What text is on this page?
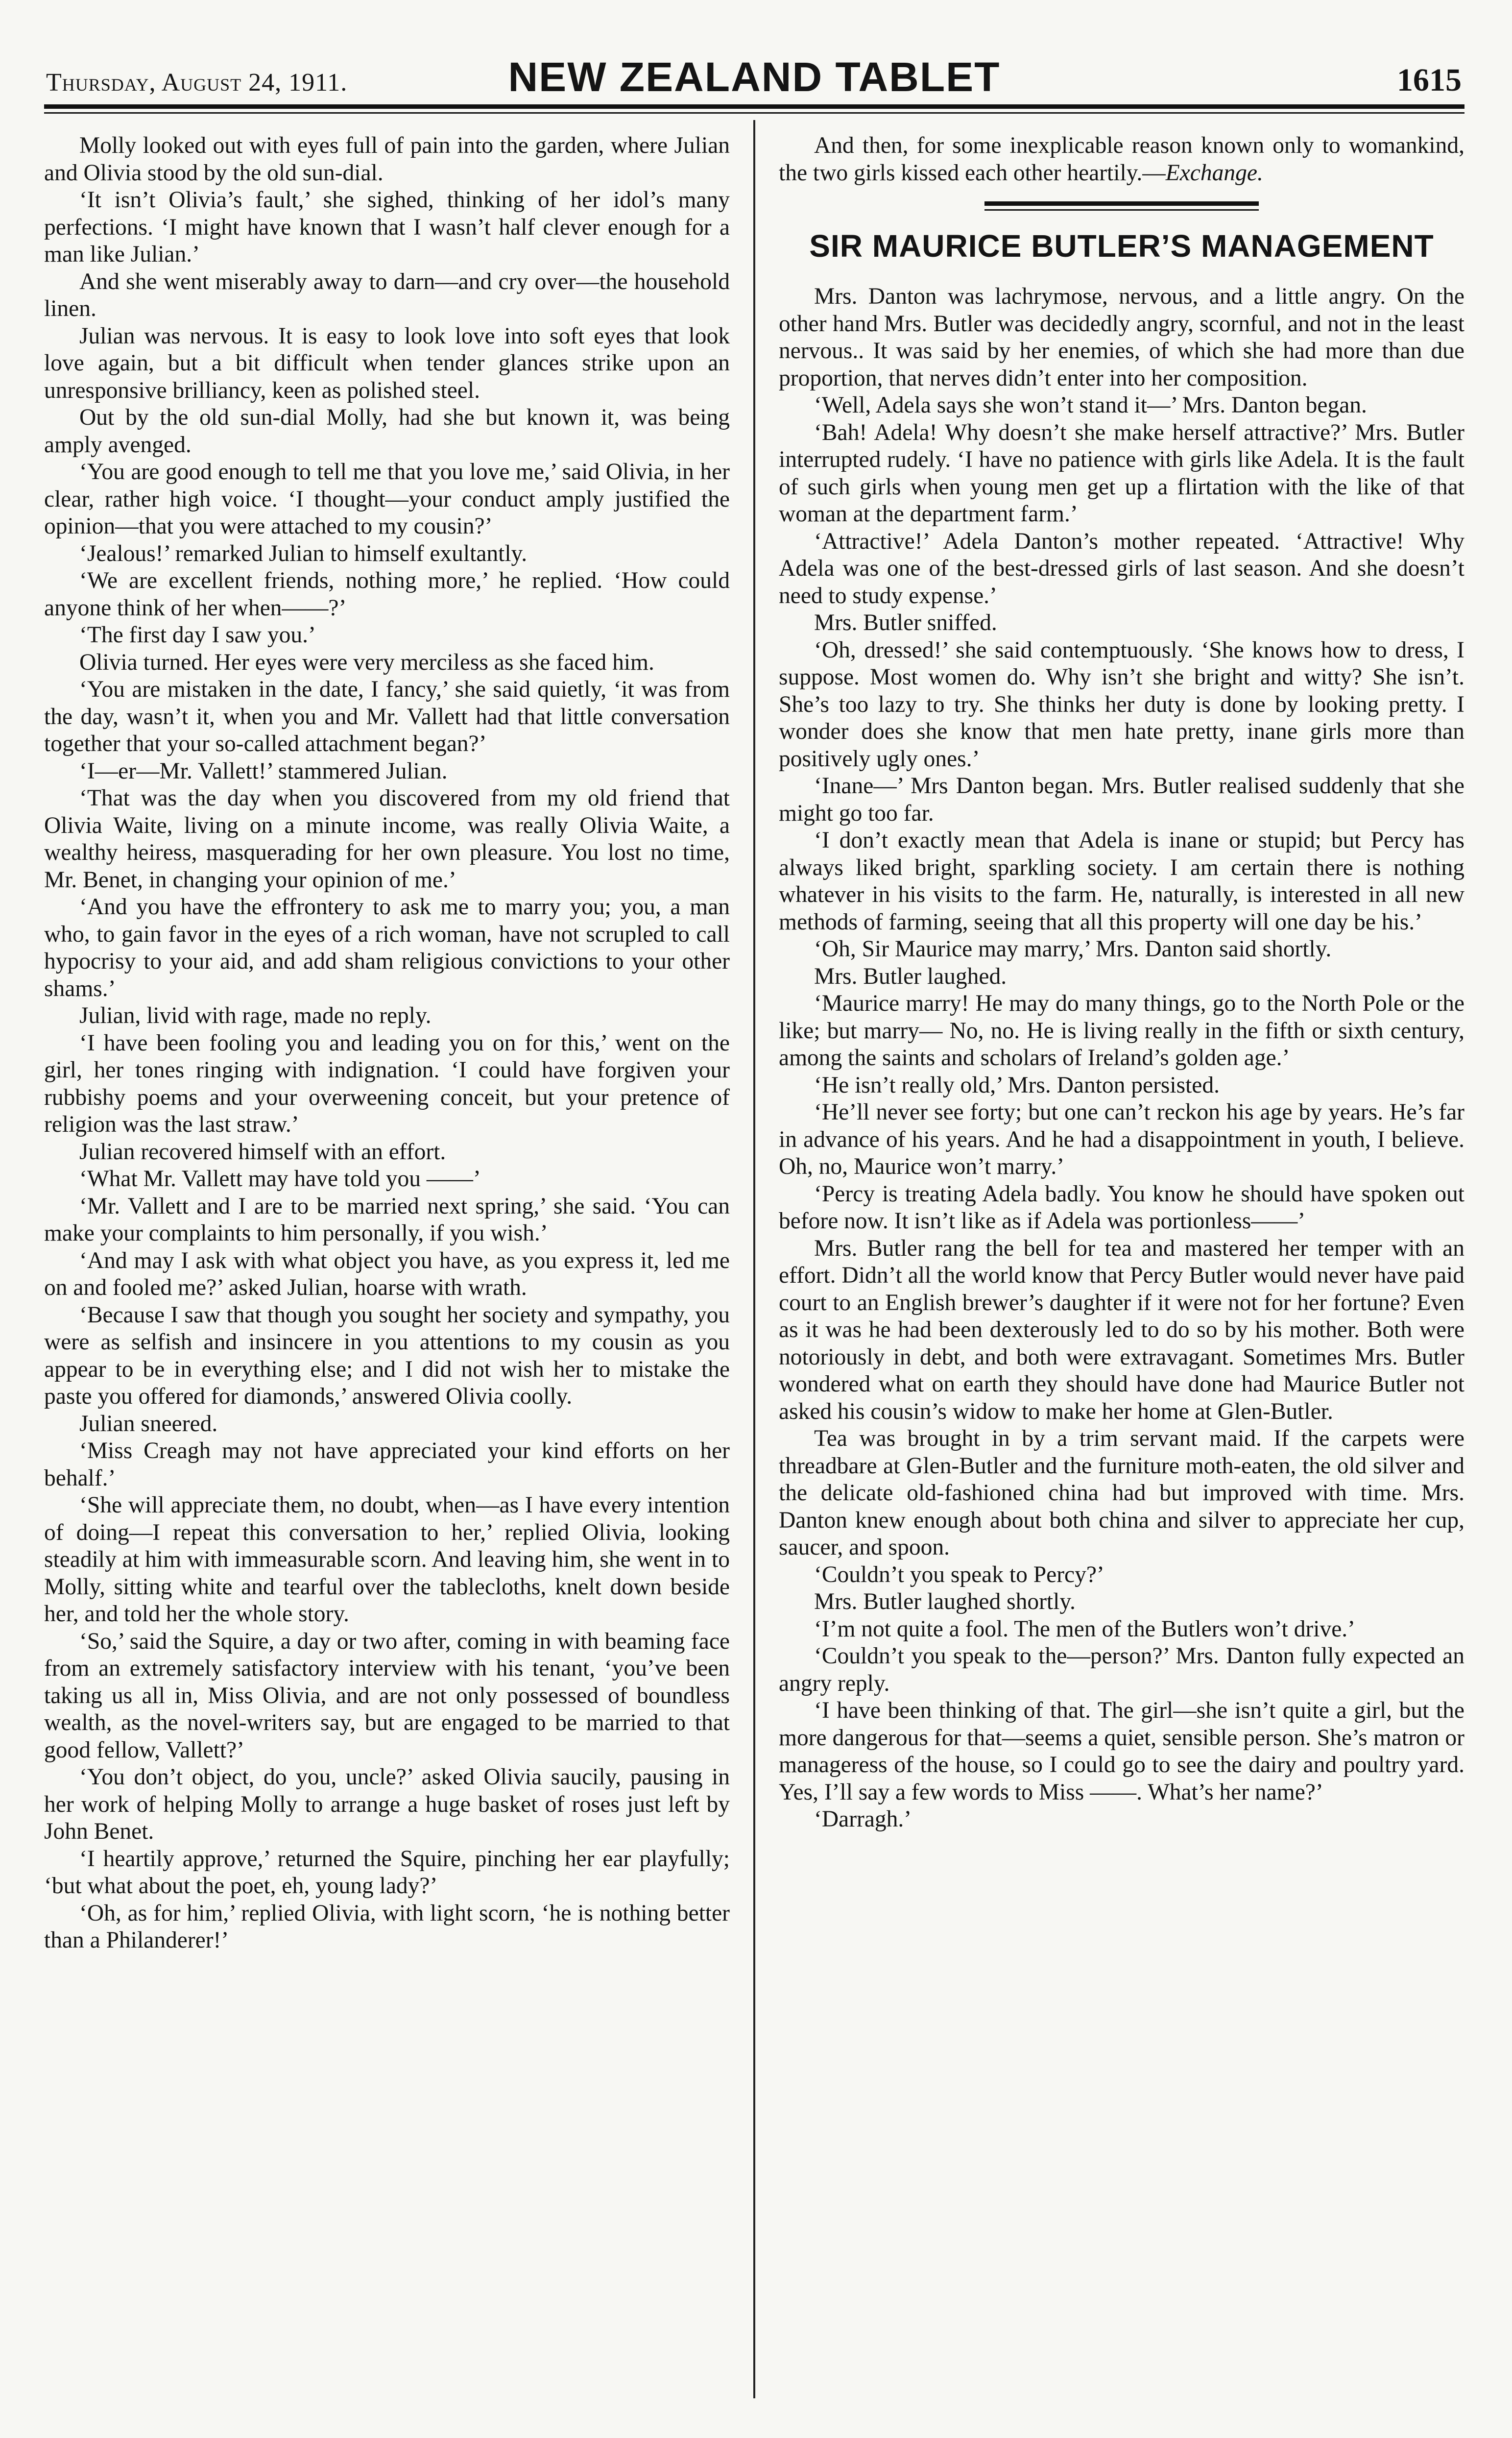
Thursday, August 24, 1911.	NEW ZEALAND TABLET	1615

Molly looked out with eyes full of pain into the garden, where Julian and Olivia stood by the old sun-dial.

‘It isn’t Olivia’s fault,’ she sighed, thinking of her idol’s many perfections. ‘I might have known that I wasn’t half clever enough for a man like Julian.’

And she went miserably away to darn—and cry over—the household linen.

Julian was nervous. It is easy to look love into soft eyes that look love again, but a bit difficult when tender glances strike upon an unresponsive brilliancy, keen as polished steel.

Out by the old sun-dial Molly, had she but known it, was being amply avenged.

‘You are good enough to tell me that you love me,’ said Olivia, in her clear, rather high voice. ‘I thought—your conduct amply justified the opinion—that you were attached to my cousin?’

‘Jealous!’ remarked Julian to himself exultantly.

‘We are excellent friends, nothing more,’ he replied. ‘How could anyone think of her when——?’

‘The first day I saw you.’

Olivia turned. Her eyes were very merciless as she faced him.

‘You are mistaken in the date, I fancy,’ she said quietly, ‘it was from the day, wasn’t it, when you and Mr. Vallett had that little conversation together that your so-called attachment began?’

‘I—er—Mr. Vallett!’ stammered Julian.

‘That was the day when you discovered from my old friend that Olivia Waite, living on a minute income, was really Olivia Waite, a wealthy heiress, masquerading for her own pleasure. You lost no time, Mr. Benet, in changing your opinion of me.’

‘And you have the effrontery to ask me to marry you; you, a man who, to gain favor in the eyes of a rich woman, have not scrupled to call hypocrisy to your aid, and add sham religious convictions to your other shams.’

Julian, livid with rage, made no reply.

‘I have been fooling you and leading you on for this,’ went on the girl, her tones ringing with indignation. ‘I could have forgiven your rubbishy poems and your overweening conceit, but your pretence of religion was the last straw.’

Julian recovered himself with an effort.

‘What Mr. Vallett may have told you ——’

‘Mr. Vallett and I are to be married next spring,’ she said. ‘You can make your complaints to him personally, if you wish.’

‘And may I ask with what object you have, as you express it, led me on and fooled me?’ asked Julian, hoarse with wrath.

‘Because I saw that though you sought her society and sympathy, you were as selfish and insincere in you attentions to my cousin as you appear to be in everything else; and I did not wish her to mistake the paste you offered for diamonds,’ answered Olivia coolly.

Julian sneered.

‘Miss Creagh may not have appreciated your kind efforts on her behalf.’

‘She will appreciate them, no doubt, when—as I have every intention of doing—I repeat this conversation to her,’ replied Olivia, looking steadily at him with immeasurable scorn. And leaving him, she went in to Molly, sitting white and tearful over the tablecloths, knelt down beside her, and told her the whole story.

‘So,’ said the Squire, a day or two after, coming in with beaming face from an extremely satisfactory interview with his tenant, ‘you’ve been taking us all in, Miss Olivia, and are not only possessed of boundless wealth, as the novel-writers say, but are engaged to be married to that good fellow, Vallett?’

‘You don’t object, do you, uncle?’ asked Olivia saucily, pausing in her work of helping Molly to arrange a huge basket of roses just left by John Benet.

‘I heartily approve,’ returned the Squire, pinching her ear playfully; ‘but what about the poet, eh, young lady?’

‘Oh, as for him,’ replied Olivia, with light scorn, ‘he is nothing better than a Philanderer!’

And then, for some inexplicable reason known only to womankind, the two girls kissed each other heartily.—Exchange.

SIR MAURICE BUTLER’S MANAGEMENT

Mrs. Danton was lachrymose, nervous, and a little angry. On the other hand Mrs. Butler was decidedly angry, scornful, and not in the least nervous.. It was said by her enemies, of which she had more than due proportion, that nerves didn’t enter into her composition.

‘Well, Adela says she won’t stand it—’ Mrs. Danton began.

‘Bah! Adela! Why doesn’t she make herself attractive?’ Mrs. Butler interrupted rudely. ‘I have no patience with girls like Adela. It is the fault of such girls when young men get up a flirtation with the like of that woman at the department farm.’

‘Attractive!’ Adela Danton’s mother repeated. ‘Attractive! Why Adela was one of the best-dressed girls of last season. And she doesn’t need to study expense.’

Mrs. Butler sniffed.

‘Oh, dressed!’ she said contemptuously. ‘She knows how to dress, I suppose. Most women do. Why isn’t she bright and witty? She isn’t. She’s too lazy to try. She thinks her duty is done by looking pretty. I wonder does she know that men hate pretty, inane girls more than positively ugly ones.’

‘Inane—’ Mrs Danton began. Mrs. Butler realised suddenly that she might go too far.

‘I don’t exactly mean that Adela is inane or stupid; but Percy has always liked bright, sparkling society. I am certain there is nothing whatever in his visits to the farm. He, naturally, is interested in all new methods of farming, seeing that all this property will one day be his.’

‘Oh, Sir Maurice may marry,’ Mrs. Danton said shortly.

Mrs. Butler laughed.

‘Maurice marry! He may do many things, go to the North Pole or the like; but marry— No, no. He is living really in the fifth or sixth century, among the saints and scholars of Ireland’s golden age.’

‘He isn’t really old,’ Mrs. Danton persisted.

‘He’ll never see forty; but one can’t reckon his age by years. He’s far in advance of his years. And he had a disappointment in youth, I believe. Oh, no, Maurice won’t marry.’

‘Percy is treating Adela badly. You know he should have spoken out before now. It isn’t like as if Adela was portionless——’

Mrs. Butler rang the bell for tea and mastered her temper with an effort. Didn’t all the world know that Percy Butler would never have paid court to an English brewer’s daughter if it were not for her fortune? Even as it was he had been dexterously led to do so by his mother. Both were notoriously in debt, and both were extravagant. Sometimes Mrs. Butler wondered what on earth they should have done had Maurice Butler not asked his cousin’s widow to make her home at Glen-Butler.

Tea was brought in by a trim servant maid. If the carpets were threadbare at Glen-Butler and the furniture moth-eaten, the old silver and the delicate old-fashioned china had but improved with time. Mrs. Danton knew enough about both china and silver to appreciate her cup, saucer, and spoon.

‘Couldn’t you speak to Percy?’

Mrs. Butler laughed shortly.

‘I’m not quite a fool. The men of the Butlers won’t drive.’

‘Couldn’t you speak to the—person?’ Mrs. Danton fully expected an angry reply.

‘I have been thinking of that. The girl—she isn’t quite a girl, but the more dangerous for that—seems a quiet, sensible person. She’s matron or manageress of the house, so I could go to see the dairy and poultry yard. Yes, I’ll say a few words to Miss ——. What’s her name?’

‘Darragh.’
